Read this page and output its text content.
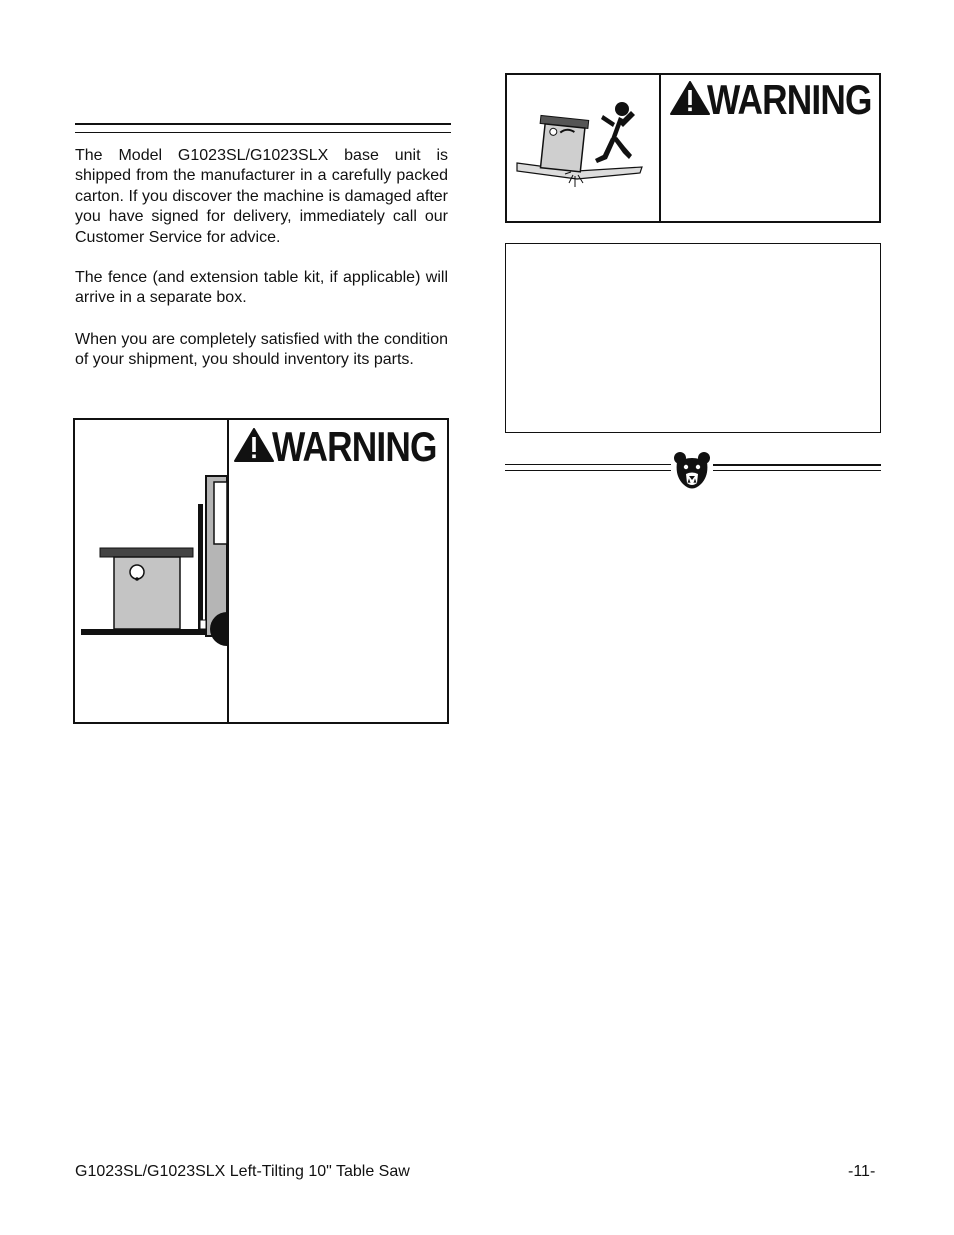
The Model G1023SL/G1023SLX base unit is shipped from the manufacturer in a carefully packed carton. If you discover the machine is damaged after you have signed for delivery, immediately call our Customer Service for advice.

The fence (and extension table kit, if applicable) will arrive in a separate box.

When you are completely satisfied with the condition of your shipment, you should inventory its parts.

WARNING
WARNING
G1023SL/G1023SLX Left-Tilting 10" Table Saw	-11-
